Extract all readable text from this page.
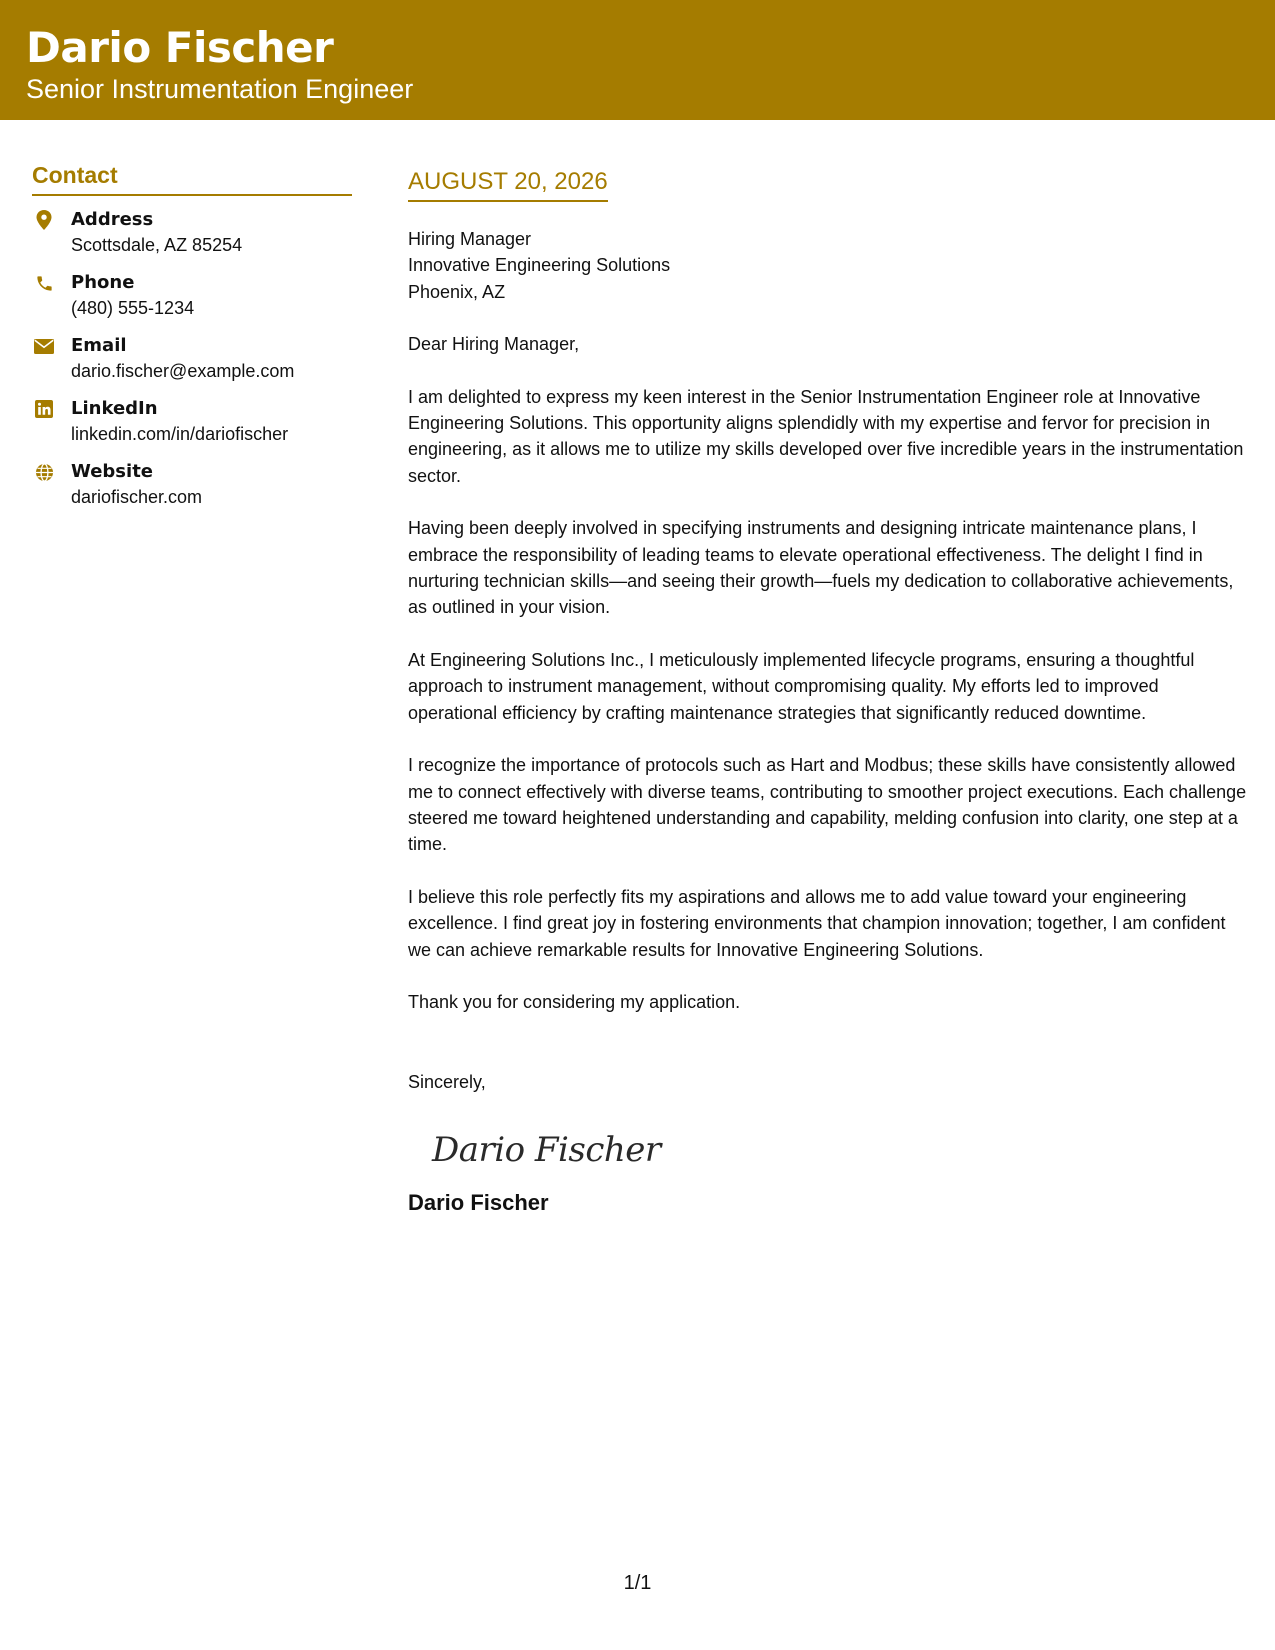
Dario Fischer
Senior Instrumentation Engineer
Contact
Address
Scottsdale, AZ 85254
Phone
(480) 555-1234
Email
dario.fischer@example.com
LinkedIn
linkedin.com/in/dariofischer
Website
dariofischer.com
AUGUST 20, 2026
Hiring Manager
Innovative Engineering Solutions
Phoenix, AZ
Dear Hiring Manager,

I am delighted to express my keen interest in the Senior Instrumentation Engineer role at Innovative Engineering Solutions. This opportunity aligns splendidly with my expertise and fervor for precision in engineering, as it allows me to utilize my skills developed over five incredible years in the instrumentation sector.

Having been deeply involved in specifying instruments and designing intricate maintenance plans, I embrace the responsibility of leading teams to elevate operational effectiveness. The delight I find in nurturing technician skills—and seeing their growth—fuels my dedication to collaborative achievements, as outlined in your vision.

At Engineering Solutions Inc., I meticulously implemented lifecycle programs, ensuring a thoughtful approach to instrument management, without compromising quality. My efforts led to improved operational efficiency by crafting maintenance strategies that significantly reduced downtime.

I recognize the importance of protocols such as Hart and Modbus; these skills have consistently allowed me to connect effectively with diverse teams, contributing to smoother project executions. Each challenge steered me toward heightened understanding and capability, melding confusion into clarity, one step at a time.

I believe this role perfectly fits my aspirations and allows me to add value toward your engineering excellence. I find great joy in fostering environments that champion innovation; together, I am confident we can achieve remarkable results for Innovative Engineering Solutions.

Thank you for considering my application.

Sincerely,
Dario Fischer
Dario Fischer
1/1
